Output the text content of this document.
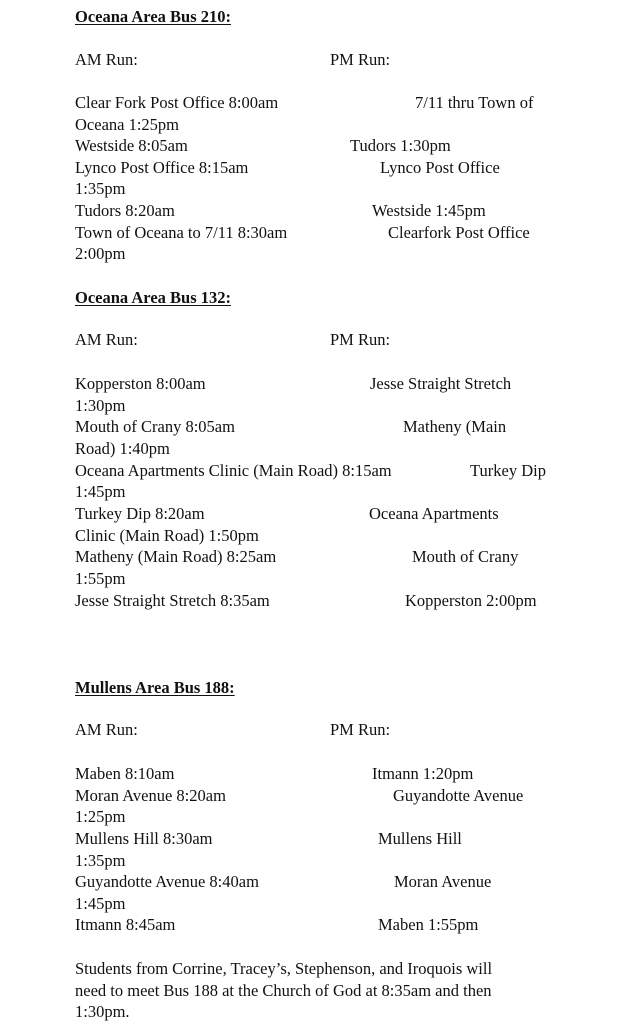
Oceana Area Bus 210:
AM Run:	PM Run:
Clear Fork Post Office 8:00am	7/11 thru Town of
Oceana 1:25pm
Westside 8:05am	Tudors 1:30pm
Lynco Post Office 8:15am	Lynco Post Office
1:35pm
Tudors 8:20am	Westside 1:45pm
Town of Oceana to 7/11 8:30am	Clearfork Post Office
2:00pm
Oceana Area Bus 132:
AM Run:	PM Run:
Kopperston 8:00am	Jesse Straight Stretch
1:30pm
Mouth of Crany 8:05am	Matheny (Main
Road) 1:40pm
Oceana Apartments Clinic (Main Road) 8:15am	Turkey Dip
1:45pm
Turkey Dip 8:20am	Oceana Apartments
Clinic (Main Road) 1:50pm
Matheny (Main Road) 8:25am	Mouth of Crany
1:55pm
Jesse Straight Stretch 8:35am	Kopperston 2:00pm
Mullens Area Bus 188:
AM Run:	PM Run:
Maben 8:10am	Itmann 1:20pm
Moran Avenue 8:20am	Guyandotte Avenue
1:25pm
Mullens Hill 8:30am	Mullens Hill
1:35pm
Guyandotte Avenue 8:40am	Moran Avenue
1:45pm
Itmann 8:45am	Maben 1:55pm
Students from Corrine, Tracey’s, Stephenson, and Iroquois will
need to meet Bus 188 at the Church of God at 8:35am and then
1:30pm.
